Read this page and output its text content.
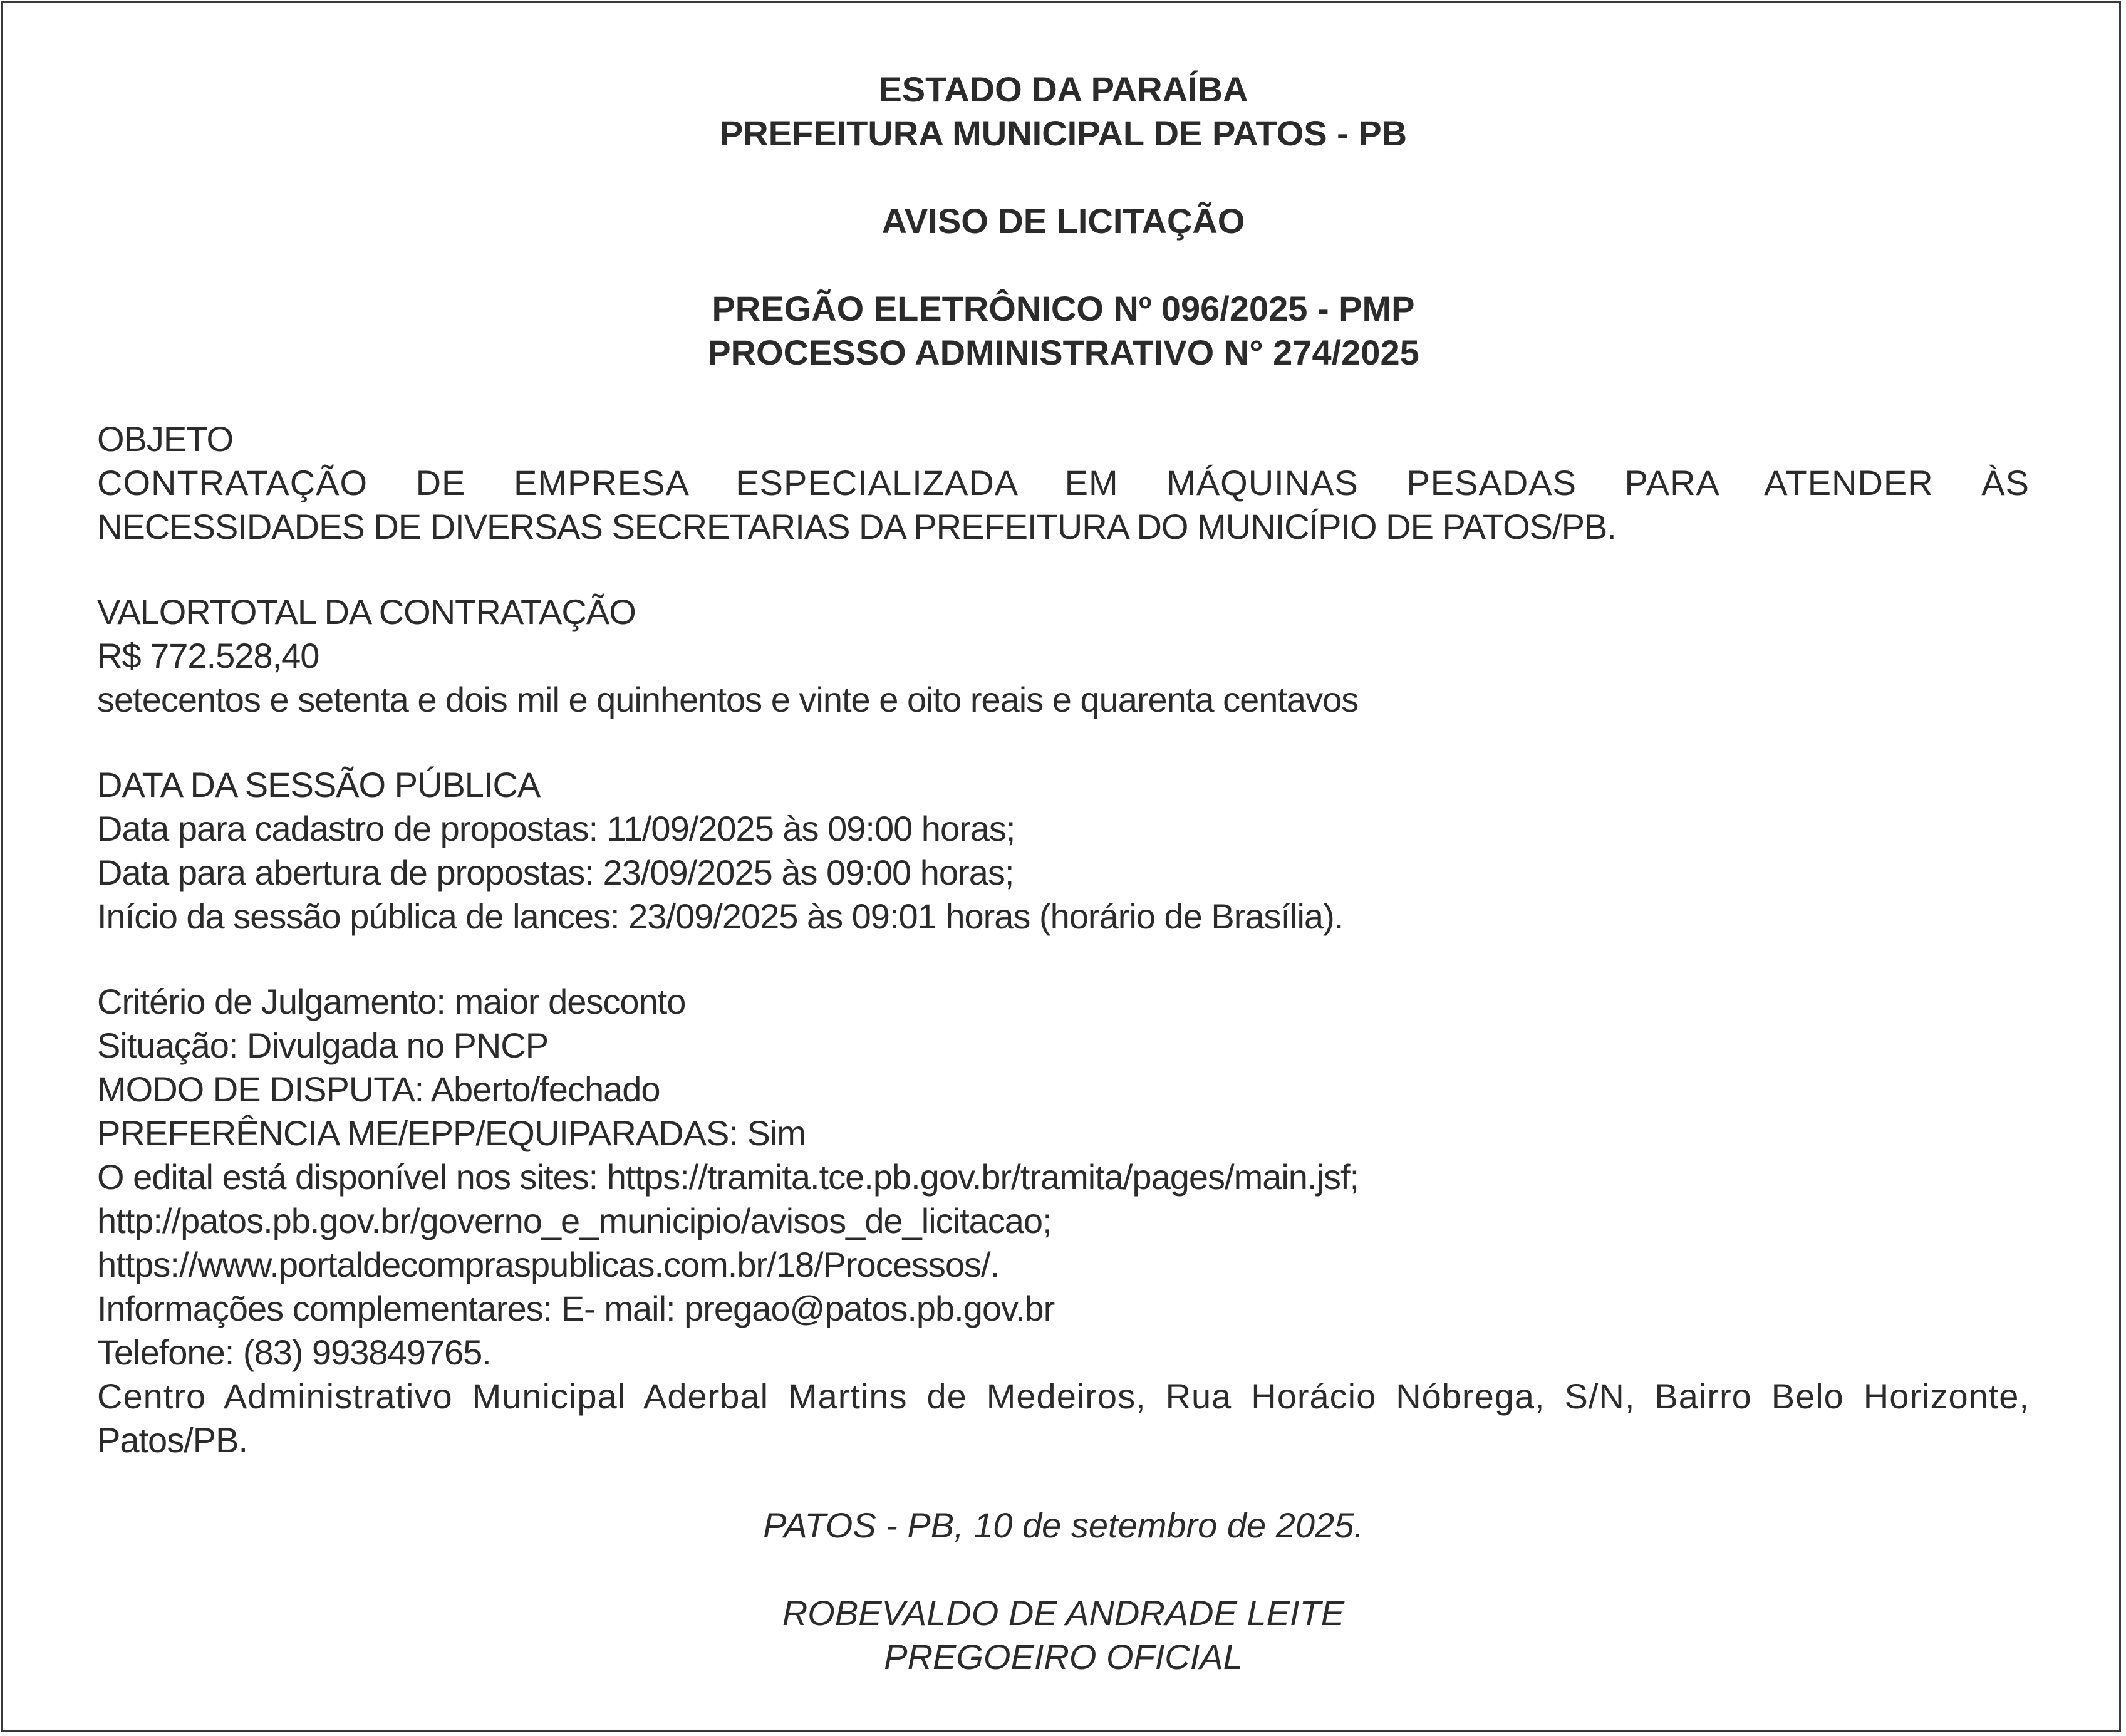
ESTADO DA PARAÍBA
PREFEITURA MUNICIPAL DE PATOS - PB
AVISO DE LICITAÇÃO
PREGÃO ELETRÔNICO Nº 096/2025 - PMP
PROCESSO ADMINISTRATIVO N° 274/2025
OBJETO
CONTRATAÇÃO DE EMPRESA ESPECIALIZADA EM MÁQUINAS PESADAS PARA ATENDER ÀS
NECESSIDADES DE DIVERSAS SECRETARIAS DA PREFEITURA DO MUNICÍPIO DE PATOS/PB.
VALORTOTAL DA CONTRATAÇÃO
R$ 772.528,40
setecentos e setenta e dois mil e quinhentos e vinte e oito reais e quarenta centavos
DATA DA SESSÃO PÚBLICA
Data para cadastro de propostas: 11/09/2025 às 09:00 horas;
Data para abertura de propostas: 23/09/2025 às 09:00 horas;
Início da sessão pública de lances: 23/09/2025 às 09:01 horas (horário de Brasília).
Critério de Julgamento: maior desconto
Situação: Divulgada no PNCP
MODO DE DISPUTA: Aberto/fechado
PREFERÊNCIA ME/EPP/EQUIPARADAS: Sim
O edital está disponível nos sites: https://tramita.tce.pb.gov.br/tramita/pages/main.jsf;
http://patos.pb.gov.br/governo_e_municipio/avisos_de_licitacao;
https://www.portaldecompraspublicas.com.br/18/Processos/.
Informações complementares: E- mail: pregao@patos.pb.gov.br
Telefone: (83) 993849765.
Centro Administrativo Municipal Aderbal Martins de Medeiros, Rua Horácio Nóbrega, S/N, Bairro Belo Horizonte,
Patos/PB.
PATOS - PB, 10 de setembro de 2025.
ROBEVALDO DE ANDRADE LEITE
PREGOEIRO OFICIAL
